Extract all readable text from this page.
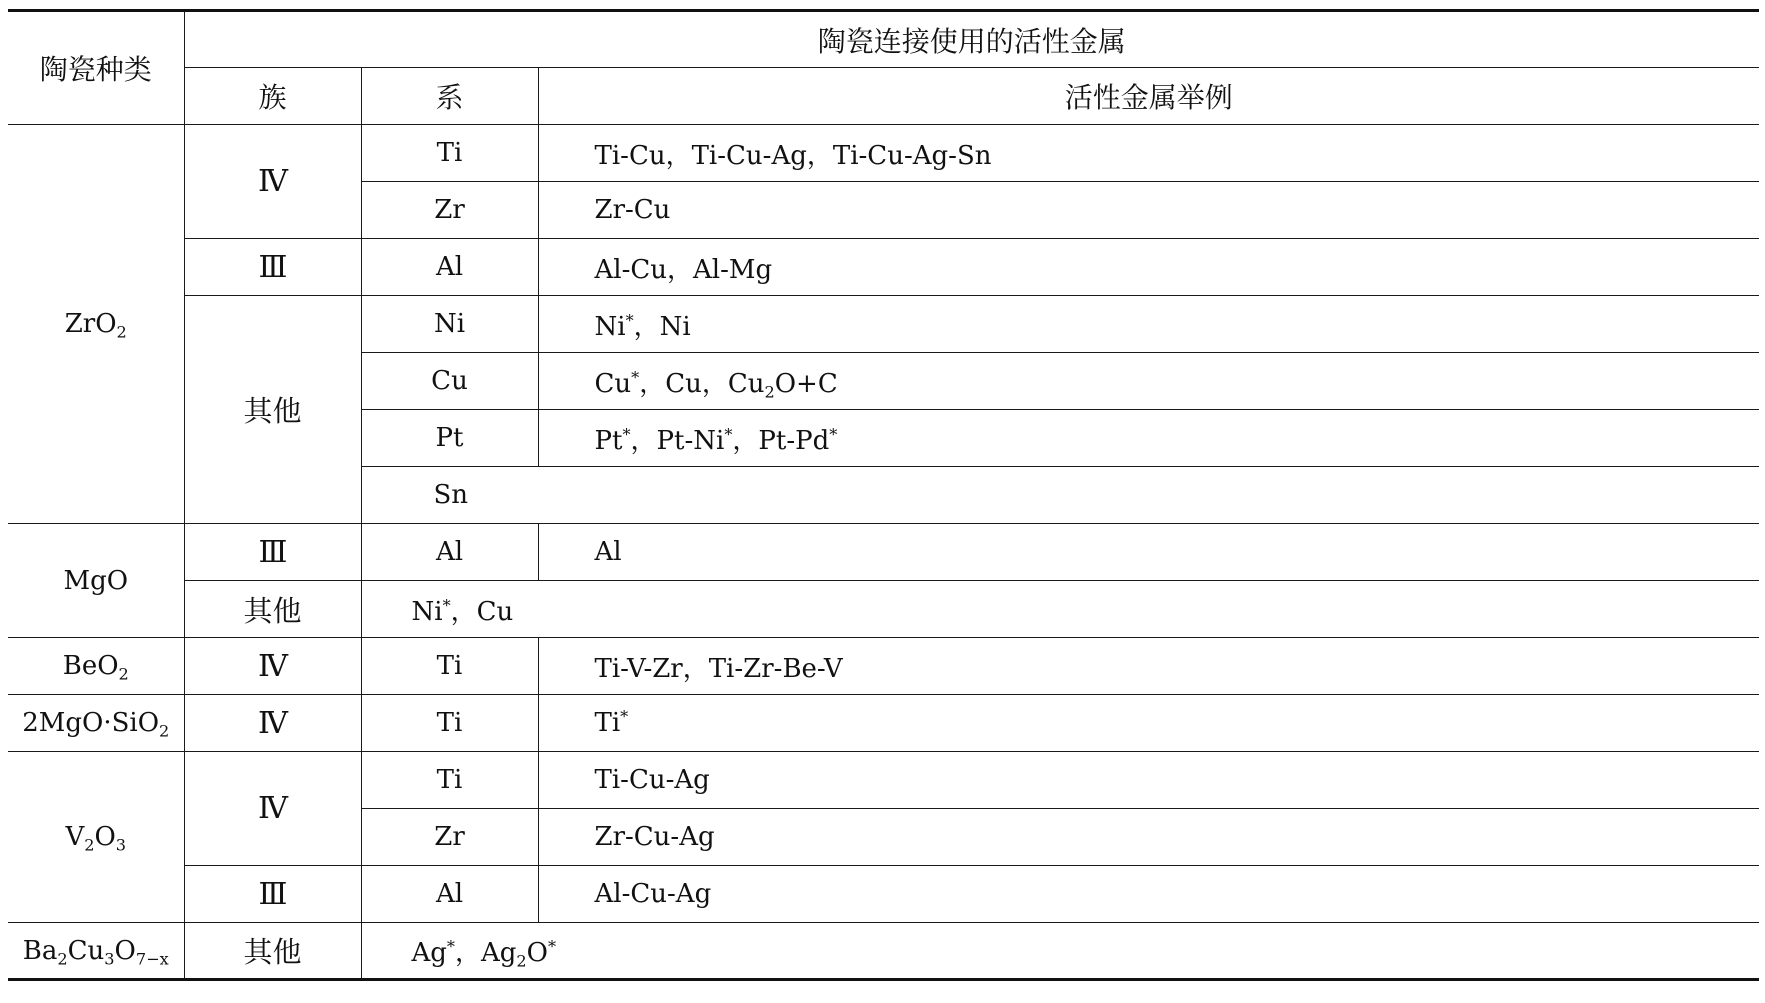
陶瓷种类	陶瓷连接使用的活性金属		
	族	系	活性金属举例
ZrO$_2$	Ⅳ	Ti	Ti-Cu，Ti-Cu-Ag，Ti-Cu-Ag-Sn
		Zr	Zr-Cu
	Ⅲ	Al	Al-Cu，Al-Mg
	其他	Ni	Ni*，Ni
		Cu	Cu*，Cu，$Cu_2O+C$
		Pt	Pt*，Pt-Ni*，Pt-Pd*
		Sn	
MgO	Ⅲ	Al	Al
	其他	Ni*，Cu	
BeO$_2$	Ⅳ	Ti	Ti-V-Zr，Ti-Zr-Be-V
2MgO·SiO$_2$	Ⅳ	Ti	Ti*
$V_2O_3$	Ⅳ	Ti	Ti-Cu-Ag
		Zr	Zr-Cu-Ag
	Ⅲ	Al	Al-Cu-Ag
$Ba_2Cu_3O_{7-x}$	其他	Ag*，$Ag_2O^*$
